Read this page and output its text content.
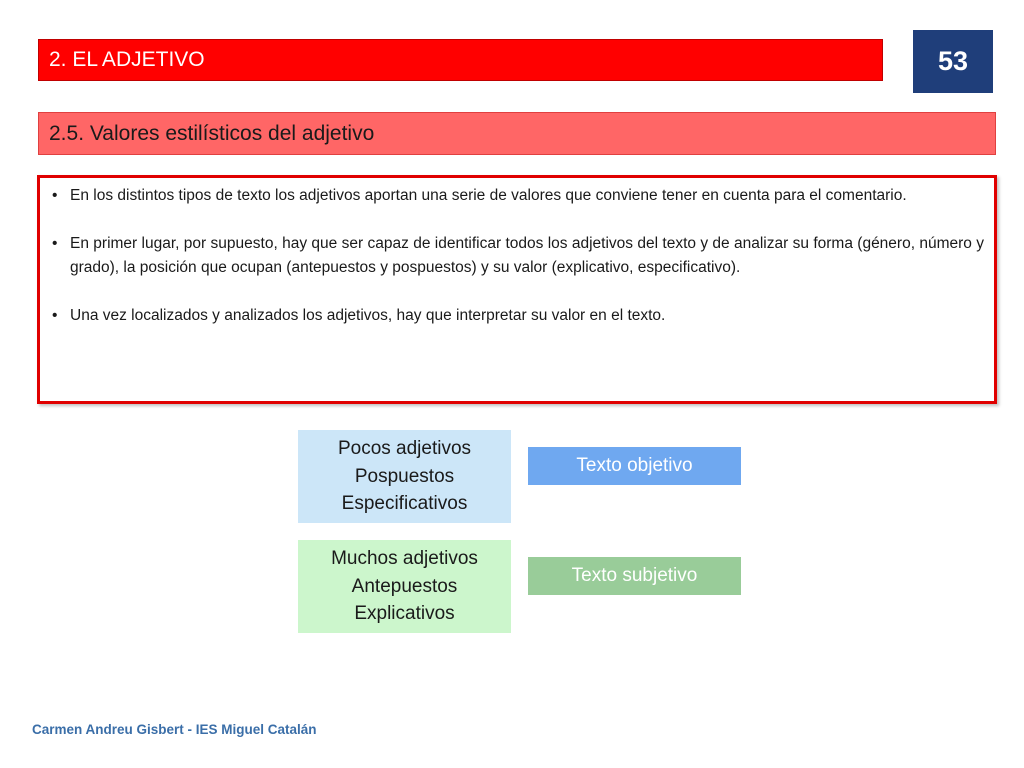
2. EL ADJETIVO	53
2.5. Valores estilísticos del adjetivo
• En los distintos tipos de texto los adjetivos aportan una serie de valores que conviene tener en cuenta para el comentario.
• En primer lugar, por supuesto, hay que ser capaz de identificar todos los adjetivos del texto y de analizar su forma (género, número y grado), la posición que ocupan (antepuestos y pospuestos) y su valor (explicativo, especificativo).
• Una vez localizados y analizados los adjetivos, hay que interpretar su valor en el texto.
Pocos adjetivos
Pospuestos
Especificativos
Texto objetivo
Muchos adjetivos
Antepuestos
Explicativos
Texto subjetivo
Carmen Andreu Gisbert - IES Miguel Catalán
